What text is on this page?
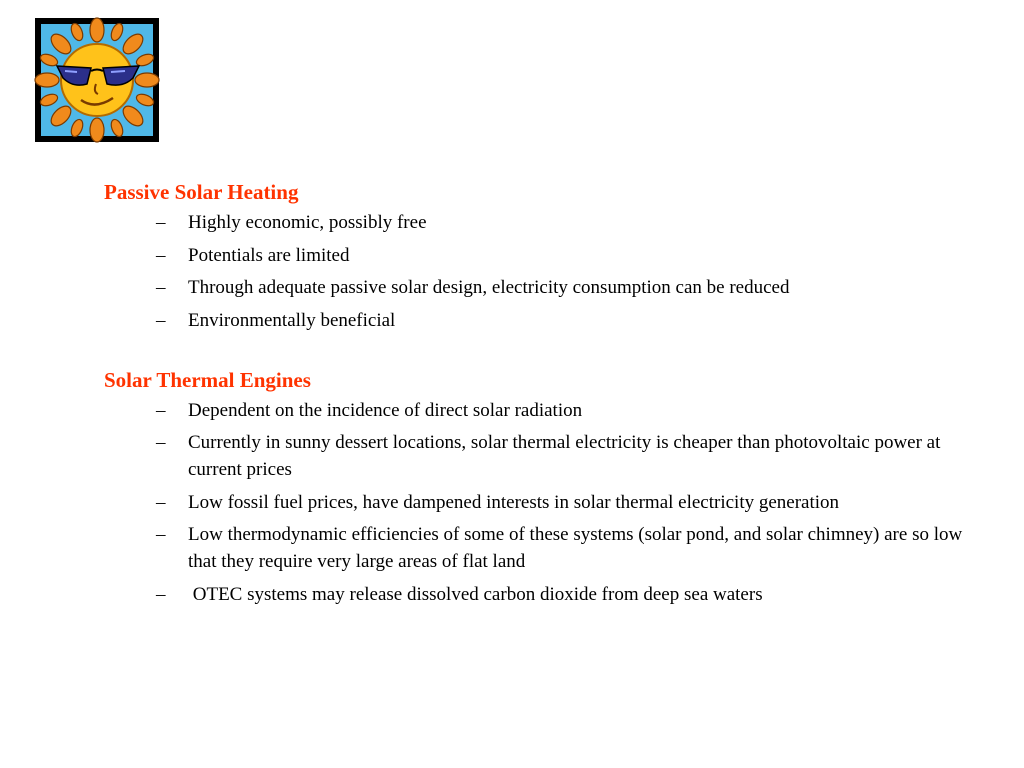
Passive Solar Heating
– Highly economic, possibly free
– Potentials are limited
– Through adequate passive solar design, electricity consumption can be reduced
– Environmentally beneficial
Solar Thermal Engines
– Dependent on the incidence of direct solar radiation
– Currently in sunny dessert locations, solar thermal electricity is cheaper than photovoltaic power at current prices
– Low fossil fuel prices, have dampened interests in solar thermal electricity generation
– Low thermodynamic efficiencies of some of these systems (solar pond, and solar chimney) are so low that they require very large areas of flat land
– OTEC systems may release dissolved carbon dioxide from deep sea waters
